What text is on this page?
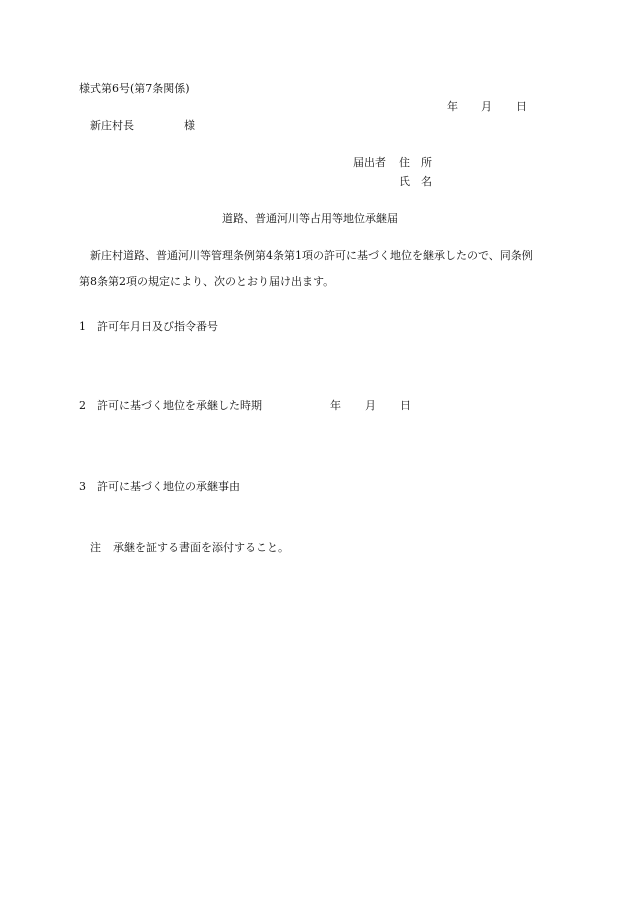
様式第6号(第7条関係)
年 月 日
新庄村長	様
届出者 住　所
氏　名
道路、普通河川等占用等地位承継届
新庄村道路、普通河川等管理条例第4条第1項の許可に基づく地位を継承したので、同条例
第8条第2項の規定により、次のとおり届け出ます。
1 許可年月日及び指令番号
2 許可に基づく地位を承継した時期	年 月 日
3 許可に基づく地位の承継事由
注 承継を証する書面を添付すること。
